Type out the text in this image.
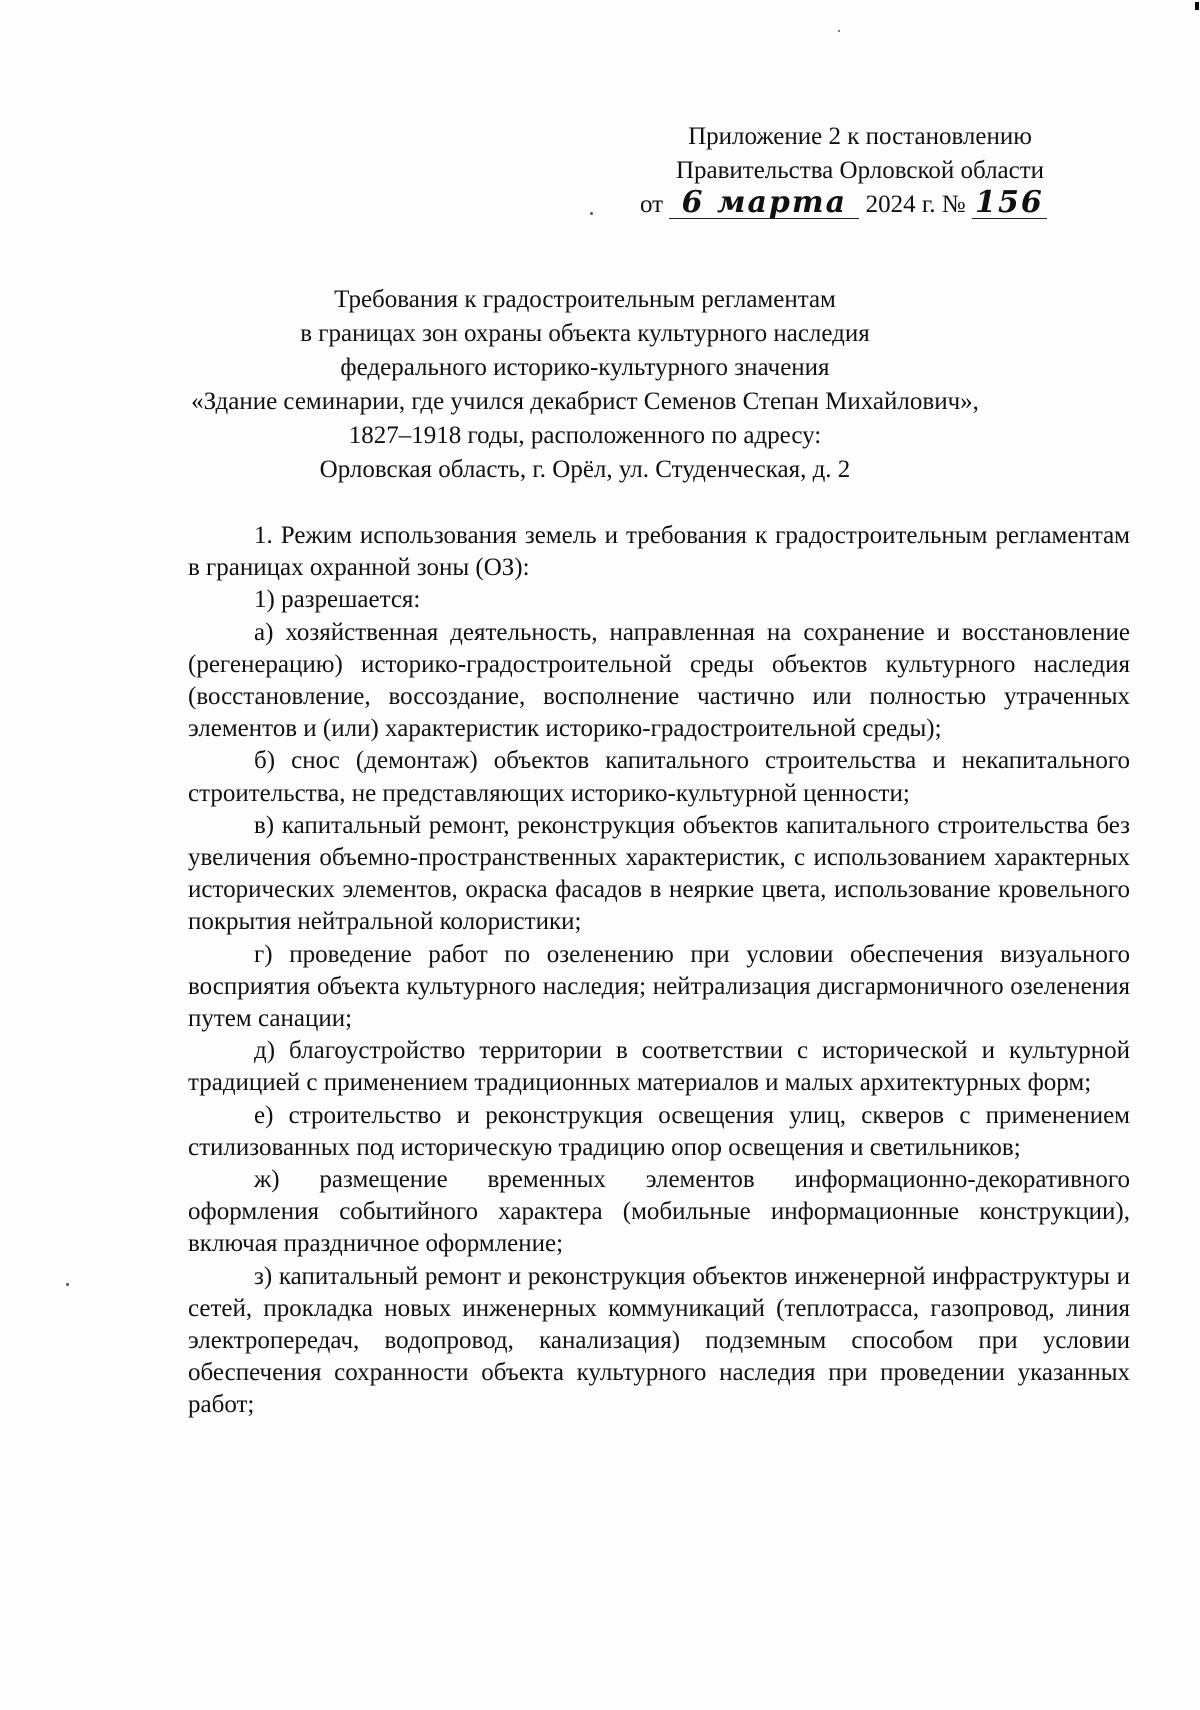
Приложение 2 к постановлению
Правительства Орловской области
от 6 марта 2024 г. № 156
Требования к градостроительным регламентам
в границах зон охраны объекта культурного наследия
федерального историко-культурного значения
«Здание семинарии, где учился декабрист Семенов Степан Михайлович»,
1827–1918 годы, расположенного по адресу:
Орловская область, г. Орёл, ул. Студенческая, д. 2

1. Режим использования земель и требования к градостроительным регламентам в границах охранной зоны (ОЗ):

1) разрешается:

а) хозяйственная деятельность, направленная на сохранение и восстановление (регенерацию) историко-градостроительной среды объектов культурного наследия (восстановление, воссоздание, восполнение частично или полностью утраченных элементов и (или) характеристик историко-градостроительной среды);

б) снос (демонтаж) объектов капитального строительства и некапитального строительства, не представляющих историко-культурной ценности;

в) капитальный ремонт, реконструкция объектов капитального строительства без увеличения объемно-пространственных характеристик, с использованием характерных исторических элементов, окраска фасадов в неяркие цвета, использование кровельного покрытия нейтральной колористики;

г) проведение работ по озеленению при условии обеспечения визуального восприятия объекта культурного наследия; нейтрализация дисгармоничного озеленения путем санации;

д) благоустройство территории в соответствии с исторической и культурной традицией с применением традиционных материалов и малых архитектурных форм;

е) строительство и реконструкция освещения улиц, скверов с применением стилизованных под историческую традицию опор освещения и светильников;

ж) размещение временных элементов информационно-декоративного оформления событийного характера (мобильные информационные конструкции), включая праздничное оформление;

з) капитальный ремонт и реконструкция объектов инженерной инфраструктуры и сетей, прокладка новых инженерных коммуникаций (теплотрасса, газопровод, линия электропередач, водопровод, канализация) подземным способом при условии обеспечения сохранности объекта культурного наследия при проведении указанных работ;
